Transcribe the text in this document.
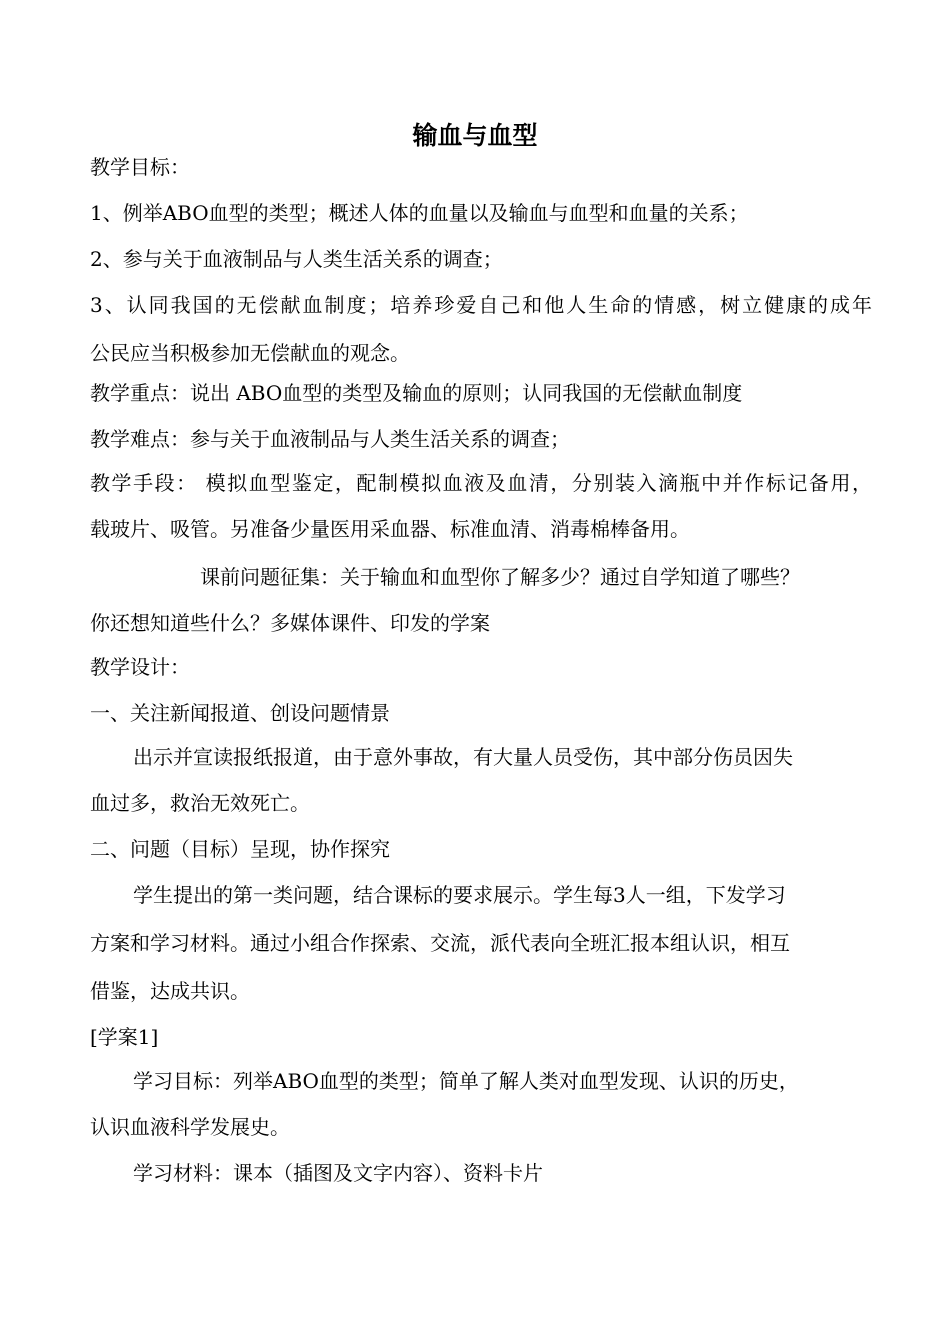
输血与血型

教学目标：

1、例举ABO血型的类型；概述人体的血量以及输血与血型和血量的关系；

2、参与关于血液制品与人类生活关系的调查；

3、认同我国的无偿献血制度；培养珍爱自己和他人生命的情感，树立健康的成年

公民应当积极参加无偿献血的观念。

教学重点：说出 ABO血型的类型及输血的原则；认同我国的无偿献血制度

教学难点：参与关于血液制品与人类生活关系的调查；

教学手段： 模拟血型鉴定，配制模拟血液及血清，分别装入滴瓶中并作标记备用，

载玻片、吸管。另准备少量医用采血器、标准血清、消毒棉棒备用。

课前问题征集：关于输血和血型你了解多少？通过自学知道了哪些？

你还想知道些什么？多媒体课件、印发的学案

教学设计：

一、关注新闻报道、创设问题情景

出示并宣读报纸报道，由于意外事故，有大量人员受伤，其中部分伤员因失

血过多，救治无效死亡。

二、问题（目标）呈现，协作探究

学生提出的第一类问题，结合课标的要求展示。学生每3人一组，下发学习

方案和学习材料。通过小组合作探索、交流，派代表向全班汇报本组认识，相互

借鉴，达成共识。

[学案1]

学习目标：列举ABO血型的类型；简单了解人类对血型发现、认识的历史，

认识血液科学发展史。

学习材料：课本（插图及文字内容）、资料卡片
